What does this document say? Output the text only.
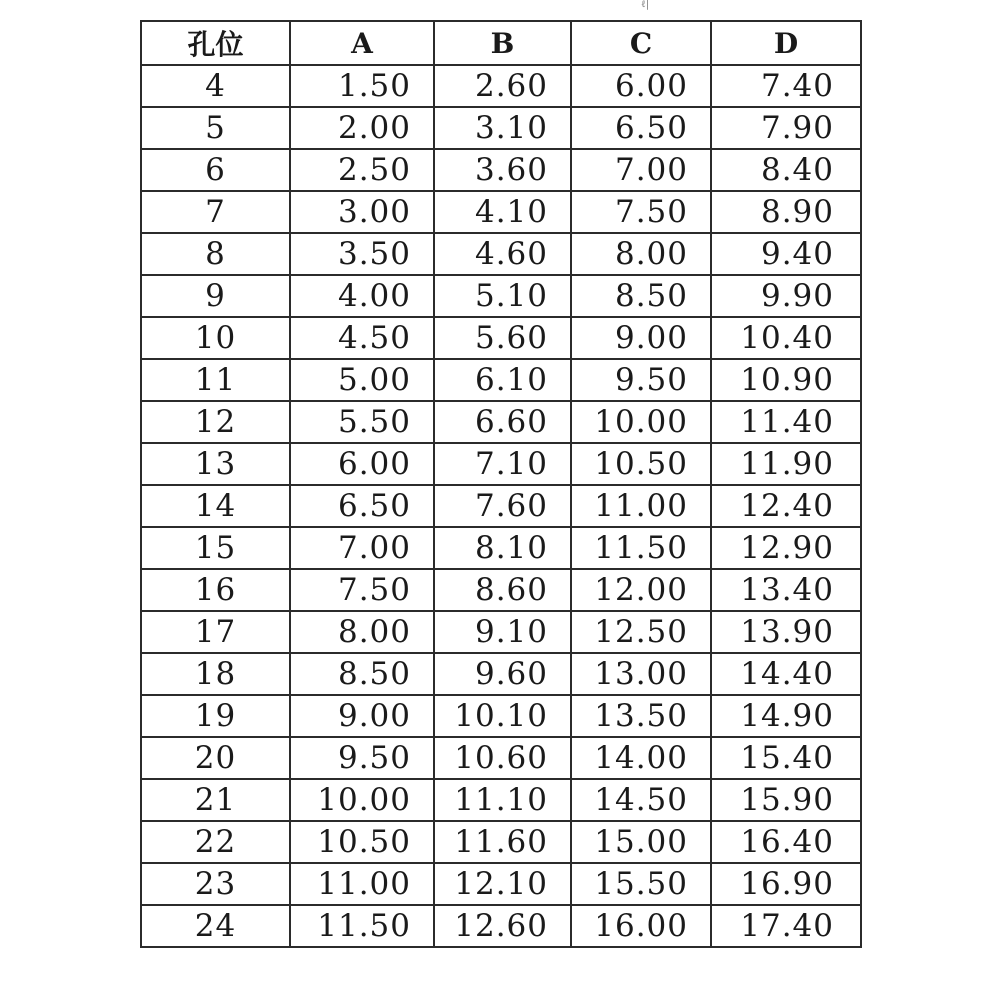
ℓ|
孔位	A	B	C	D
4	1.50	2.60	6.00	7.40
5	2.00	3.10	6.50	7.90
6	2.50	3.60	7.00	8.40
7	3.00	4.10	7.50	8.90
8	3.50	4.60	8.00	9.40
9	4.00	5.10	8.50	9.90
10	4.50	5.60	9.00	10.40
11	5.00	6.10	9.50	10.90
12	5.50	6.60	10.00	11.40
13	6.00	7.10	10.50	11.90
14	6.50	7.60	11.00	12.40
15	7.00	8.10	11.50	12.90
16	7.50	8.60	12.00	13.40
17	8.00	9.10	12.50	13.90
18	8.50	9.60	13.00	14.40
19	9.00	10.10	13.50	14.90
20	9.50	10.60	14.00	15.40
21	10.00	11.10	14.50	15.90
22	10.50	11.60	15.00	16.40
23	11.00	12.10	15.50	16.90
24	11.50	12.60	16.00	17.40
